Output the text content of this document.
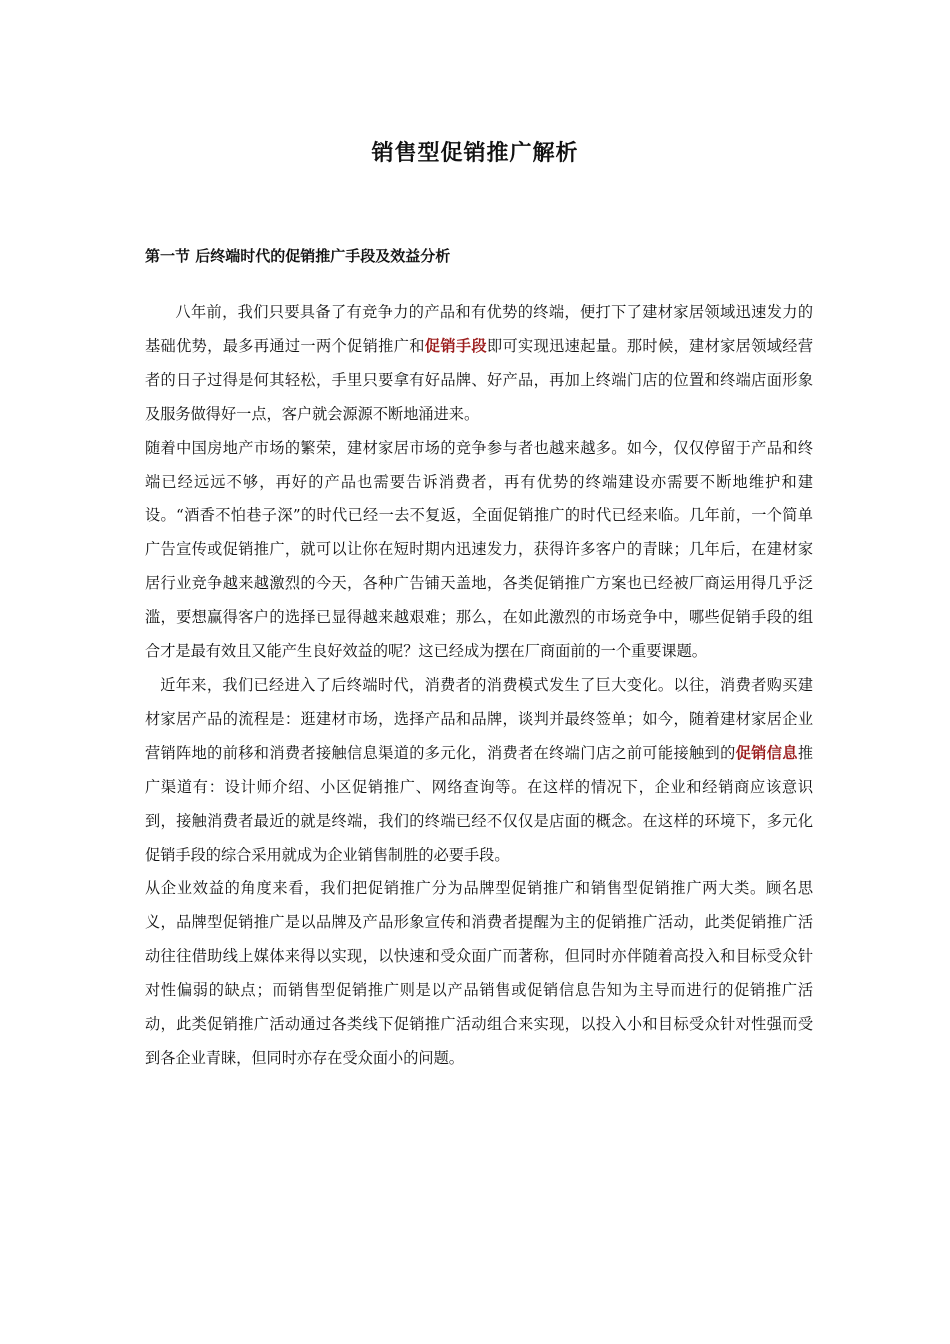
销售型促销推广解析
第一节 后终端时代的促销推广手段及效益分析

八年前，我们只要具备了有竞争力的产品和有优势的终端，便打下了建材家居领域迅速发力的基础优势，最多再通过一两个促销推广和促销手段即可实现迅速起量。那时候，建材家居领域经营者的日子过得是何其轻松，手里只要拿有好品牌、好产品，再加上终端门店的位置和终端店面形象及服务做得好一点，客户就会源源不断地涌进来。

随着中国房地产市场的繁荣，建材家居市场的竞争参与者也越来越多。如今，仅仅停留于产品和终端已经远远不够，再好的产品也需要告诉消费者，再有优势的终端建设亦需要不断地维护和建设。“酒香不怕巷子深”的时代已经一去不复返，全面促销推广的时代已经来临。几年前，一个简单广告宣传或促销推广，就可以让你在短时期内迅速发力，获得许多客户的青睐；几年后，在建材家居行业竞争越来越激烈的今天，各种广告铺天盖地，各类促销推广方案也已经被厂商运用得几乎泛滥，要想赢得客户的选择已显得越来越艰难；那么，在如此激烈的市场竞争中，哪些促销手段的组合才是最有效且又能产生良好效益的呢？这已经成为摆在厂商面前的一个重要课题。

近年来，我们已经进入了后终端时代，消费者的消费模式发生了巨大变化。以往，消费者购买建材家居产品的流程是：逛建材市场，选择产品和品牌，谈判并最终签单；如今，随着建材家居企业营销阵地的前移和消费者接触信息渠道的多元化，消费者在终端门店之前可能接触到的促销信息推广渠道有：设计师介绍、小区促销推广、网络查询等。在这样的情况下，企业和经销商应该意识到，接触消费者最近的就是终端，我们的终端已经不仅仅是店面的概念。在这样的环境下，多元化促销手段的综合采用就成为企业销售制胜的必要手段。

从企业效益的角度来看，我们把促销推广分为品牌型促销推广和销售型促销推广两大类。顾名思义，品牌型促销推广是以品牌及产品形象宣传和消费者提醒为主的促销推广活动，此类促销推广活动往往借助线上媒体来得以实现，以快速和受众面广而著称，但同时亦伴随着高投入和目标受众针对性偏弱的缺点；而销售型促销推广则是以产品销售或促销信息告知为主导而进行的促销推广活动，此类促销推广活动通过各类线下促销推广活动组合来实现，以投入小和目标受众针对性强而受到各企业青睐，但同时亦存在受众面小的问题。
